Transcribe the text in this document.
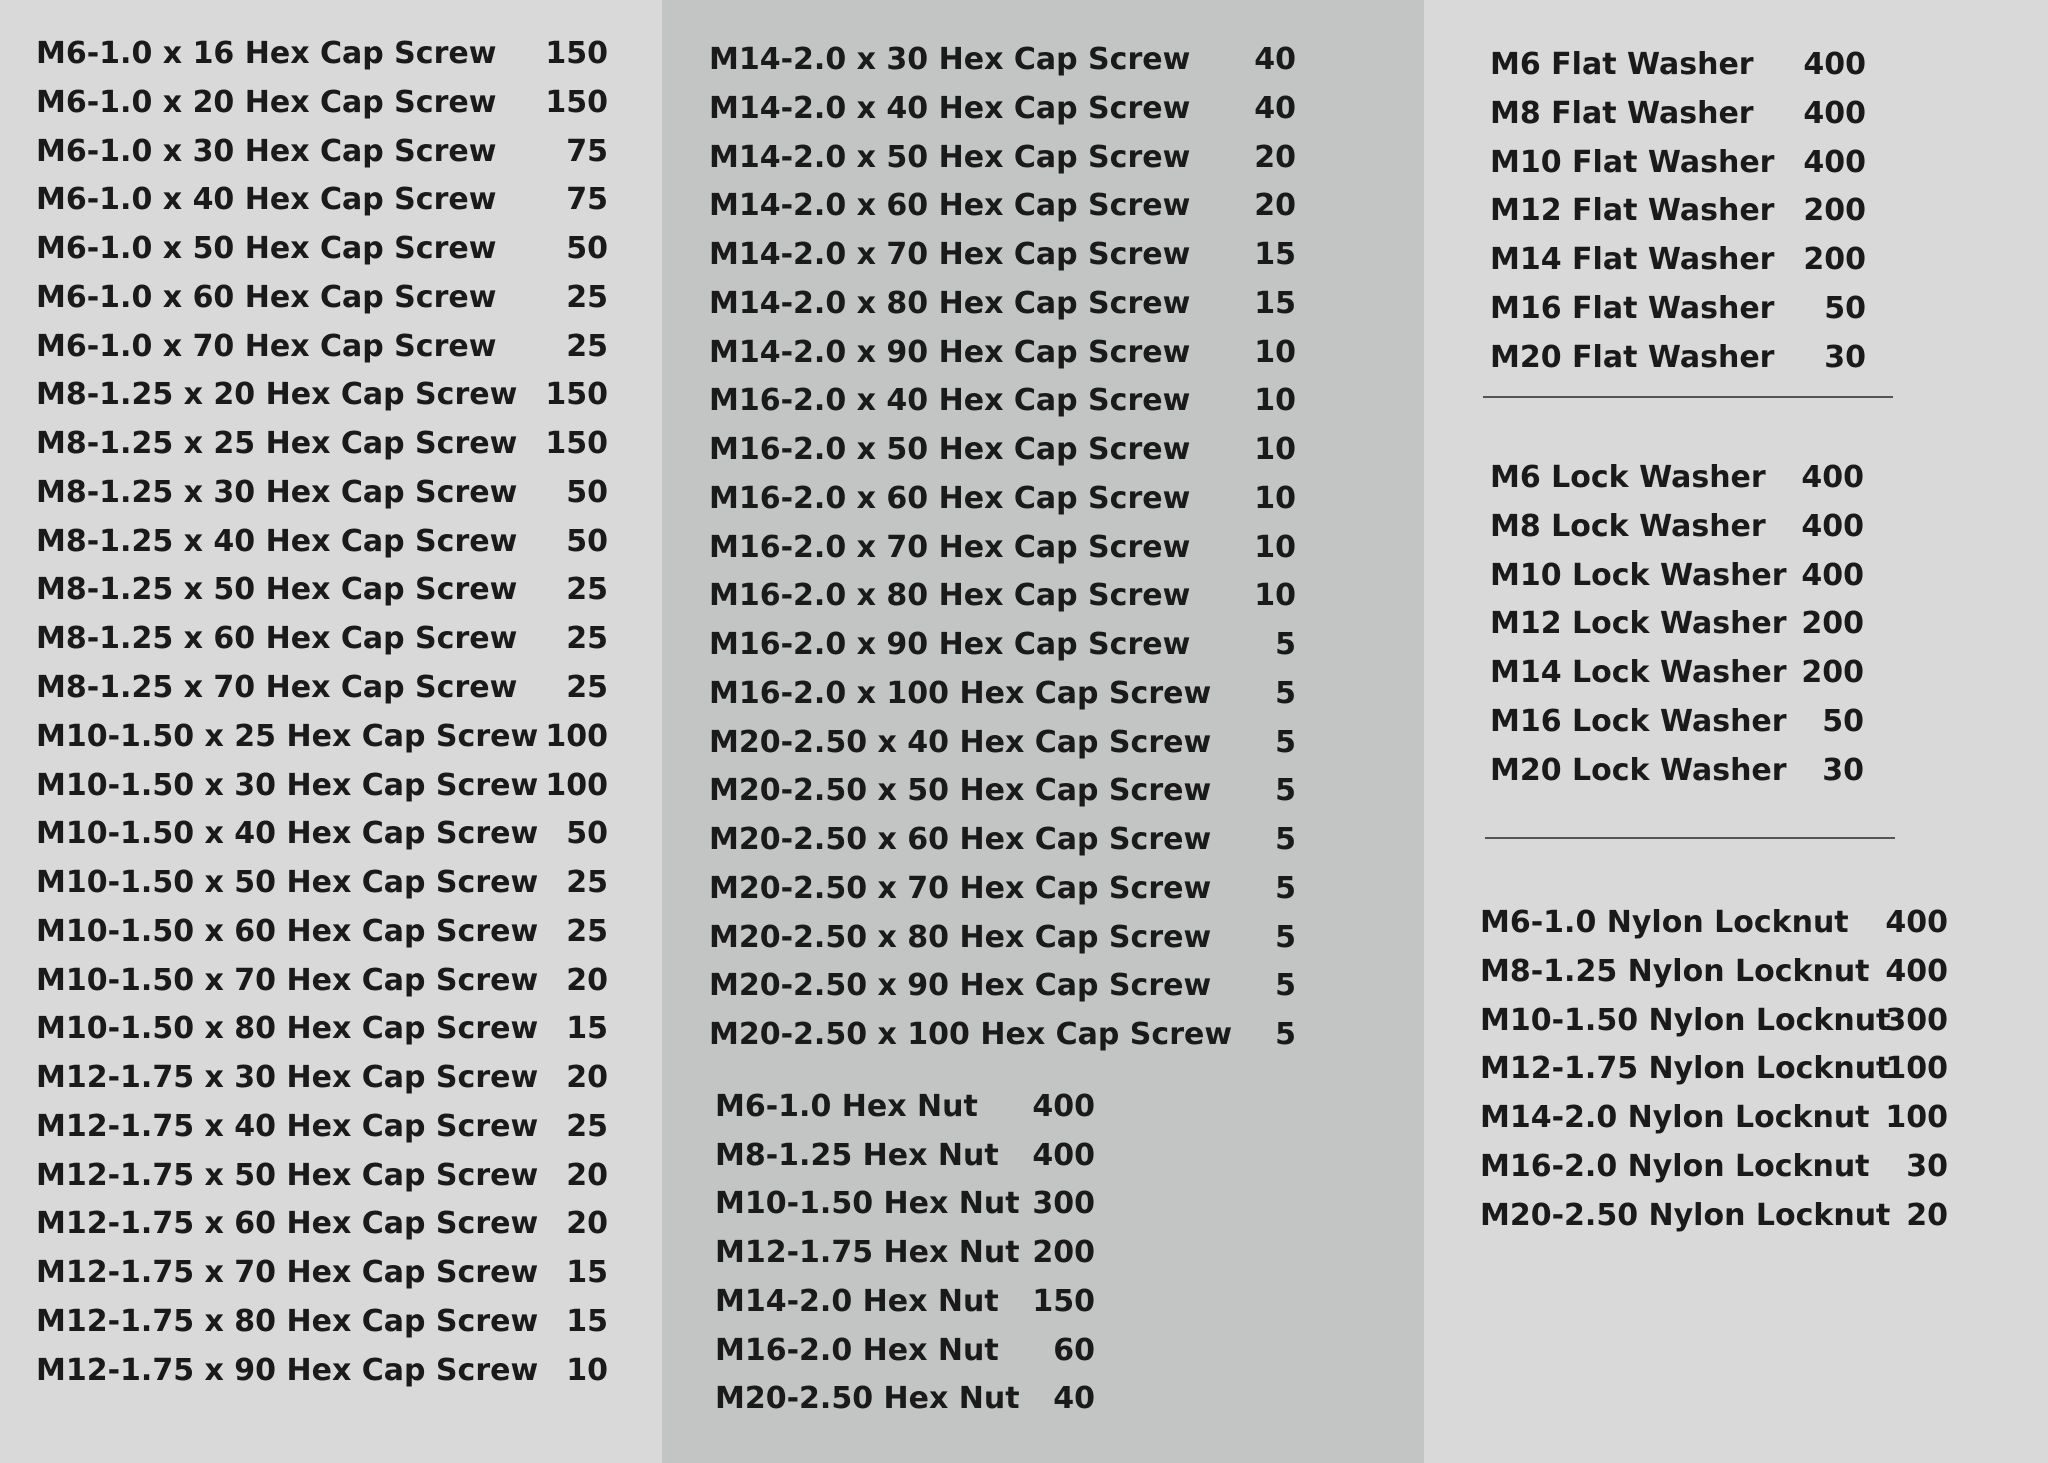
M6-1.0 x 16 Hex Cap Screw 150
M6-1.0 x 20 Hex Cap Screw 150
M6-1.0 x 30 Hex Cap Screw 75
M6-1.0 x 40 Hex Cap Screw 75
M6-1.0 x 50 Hex Cap Screw 50
M6-1.0 x 60 Hex Cap Screw 25
M6-1.0 x 70 Hex Cap Screw 25
M8-1.25 x 20 Hex Cap Screw 150
M8-1.25 x 25 Hex Cap Screw 150
M8-1.25 x 30 Hex Cap Screw 50
M8-1.25 x 40 Hex Cap Screw 50
M8-1.25 x 50 Hex Cap Screw 25
M8-1.25 x 60 Hex Cap Screw 25
M8-1.25 x 70 Hex Cap Screw 25
M10-1.50 x 25 Hex Cap Screw 100
M10-1.50 x 30 Hex Cap Screw 100
M10-1.50 x 40 Hex Cap Screw 50
M10-1.50 x 50 Hex Cap Screw 25
M10-1.50 x 60 Hex Cap Screw 25
M10-1.50 x 70 Hex Cap Screw 20
M10-1.50 x 80 Hex Cap Screw 15
M12-1.75 x 30 Hex Cap Screw 20
M12-1.75 x 40 Hex Cap Screw 25
M12-1.75 x 50 Hex Cap Screw 20
M12-1.75 x 60 Hex Cap Screw 20
M12-1.75 x 70 Hex Cap Screw 15
M12-1.75 x 80 Hex Cap Screw 15
M12-1.75 x 90 Hex Cap Screw 10
M14-2.0 x 30 Hex Cap Screw 40
M14-2.0 x 40 Hex Cap Screw 40
M14-2.0 x 50 Hex Cap Screw 20
M14-2.0 x 60 Hex Cap Screw 20
M14-2.0 x 70 Hex Cap Screw 15
M14-2.0 x 80 Hex Cap Screw 15
M14-2.0 x 90 Hex Cap Screw 10
M16-2.0 x 40 Hex Cap Screw 10
M16-2.0 x 50 Hex Cap Screw 10
M16-2.0 x 60 Hex Cap Screw 10
M16-2.0 x 70 Hex Cap Screw 10
M16-2.0 x 80 Hex Cap Screw 10
M16-2.0 x 90 Hex Cap Screw	5
M16-2.0 x 100 Hex Cap Screw 5
M20-2.50 x 40 Hex Cap Screw 5
M20-2.50 x 50 Hex Cap Screw 5
M20-2.50 x 60 Hex Cap Screw 5
M20-2.50 x 70 Hex Cap Screw 5
M20-2.50 x 80 Hex Cap Screw 5
M20-2.50 x 90 Hex Cap Screw 5
M20-2.50 x 100 Hex Cap Screw 5
M6-1.0 Hex Nut 400
M8-1.25 Hex Nut 400
M10-1.50 Hex Nut 300
M12-1.75 Hex Nut 200
M14-2.0 Hex Nut 150
M16-2.0 Hex Nut 60
M20-2.50 Hex Nut 40
M6 Flat Washer 400
M8 Flat Washer 400
M10 Flat Washer 400
M12 Flat Washer 200
M14 Flat Washer 200
M16 Flat Washer 50
M20 Flat Washer 30
M6 Lock Washer 400
M8 Lock Washer 400
M10 Lock Washer 400
M12 Lock Washer 200
M14 Lock Washer 200
M16 Lock Washer 50
M20 Lock Washer 30
M6-1.0 Nylon Locknut 400
M8-1.25 Nylon Locknut 400
M10-1.50 Nylon Locknut
300
M12-1.75 Nylon Locknut
100
M14-2.0 Nylon Locknut 100
M16-2.0 Nylon Locknut 30
M20-2.50 Nylon Locknut 20
